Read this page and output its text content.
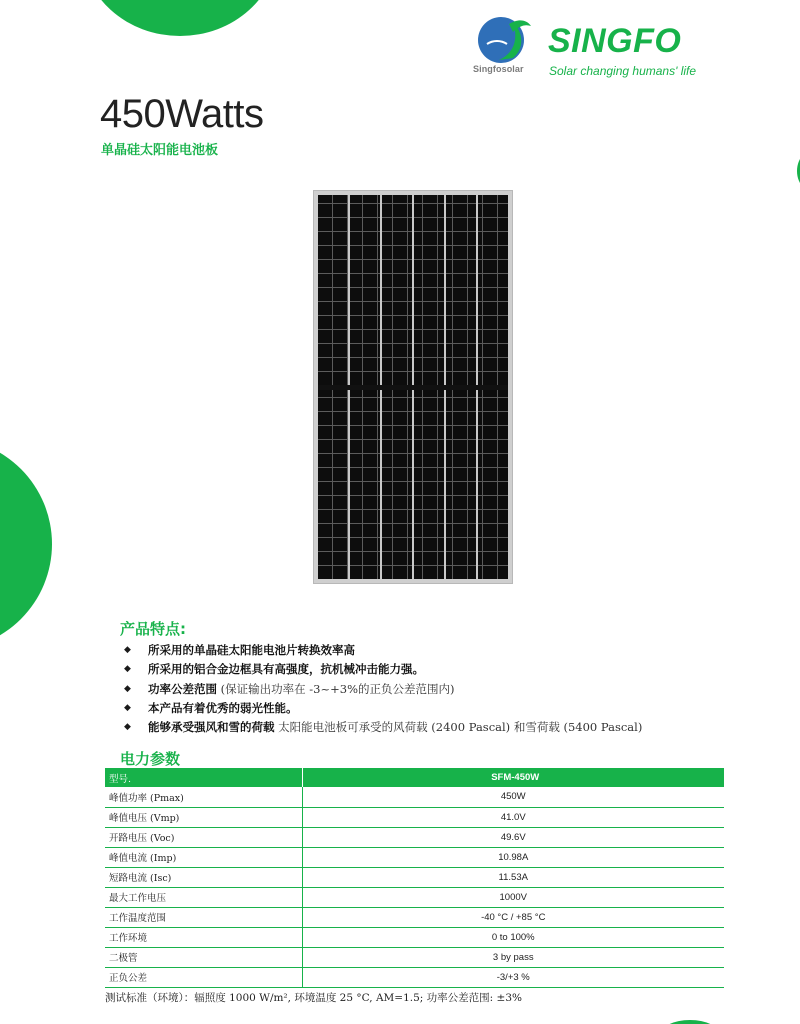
Singfosolar
SINGFO
Solar changing humans' life
450Watts
单晶硅太阳能电池板
产品特点:
◆ 所采用的单晶硅太阳能电池片转换效率高
◆ 所采用的铝合金边框具有高强度，抗机械冲击能力强。
◆ 功率公差范围 (保证输出功率在 -3~+3%的正负公差范围内)
◆ 本产品有着优秀的弱光性能。
◆ 能够承受强风和雪的荷载 太阳能电池板可承受的风荷载 (2400 Pascal) 和雪荷载 (5400 Pascal)
电力参数
型号.	SFM-450W
峰值功率 (Pmax)	450W
峰值电压 (Vmp)	41.0V
开路电压 (Voc)	49.6V
峰值电流 (Imp)	10.98A
短路电流 (Isc)	11.53A
最大工作电压	1000V
工作温度范围	-40 °C / +85 °C
工作环境	0 to 100%
二极管	3 by pass
正负公差	-3/+3 %
测试标准（环境）：辐照度 1000 W/m², 环境温度 25 °C, AM=1.5; 功率公差范围: ±3%
